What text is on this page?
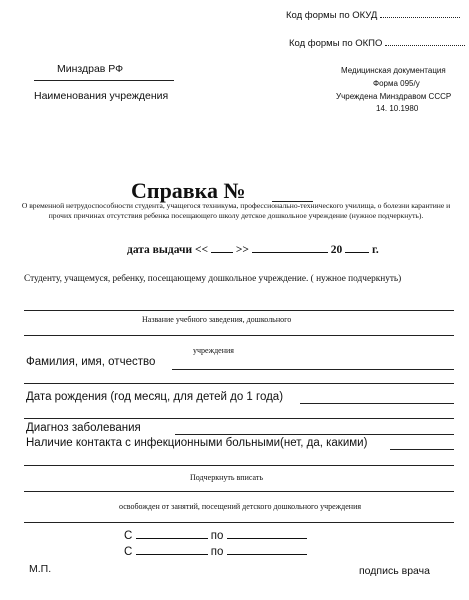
Код формы по ОКУД
Код формы по ОКПО
Минздрав РФ
Наименования учреждения
Медицинская документация
Форма 095/у
Учреждена Минздравом СССР
14. 10.1980
Справка №
О временной нетрудоспособности студента, учащегося техникума, профессионально-технического училища, о болезни карантине и прочих причинах отсутствия ребенка посещающего школу детское дошкольное учреждение (нужное подчеркнуть).
дата выдачи << >>	20	г.
Студенту, учащемуся, ребенку, посещающему дошкольное учреждение. ( нужное подчеркнуть)
Название учебного заведения, дошкольного
учреждения
Фамилия, имя, отчество
Дата рождения (год месяц, для детей до 1 года)
Диагноз заболевания
Наличие контакта с инфекционными больными(нет, да, какими)
Подчеркнуть вписать
освобожден от занятий, посещений детского дошкольного учреждения
С	по
С	по
М.П.	подпись врача
